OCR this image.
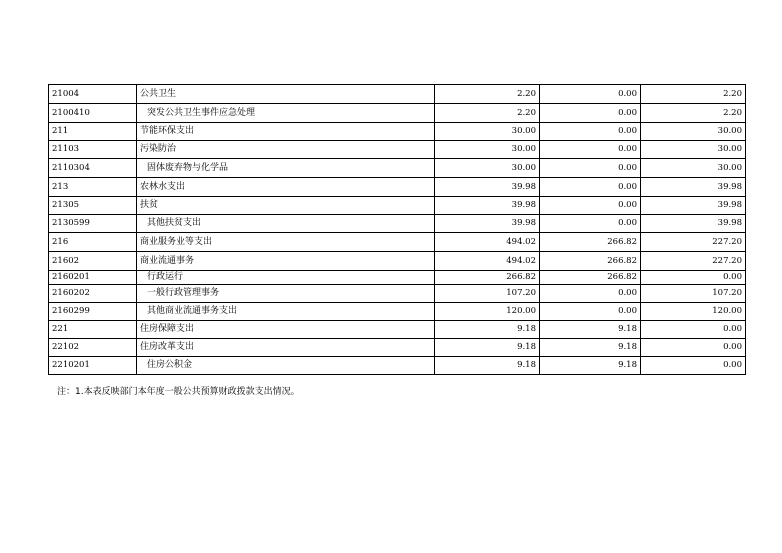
21004	公共卫生	2.20	0.00	2.20
2100410	突发公共卫生事件应急处理	2.20	0.00	2.20
211	节能环保支出	30.00	0.00	30.00
21103	污染防治	30.00	0.00	30.00
2110304	固体废弃物与化学品	30.00	0.00	30.00
213	农林水支出	39.98	0.00	39.98
21305	扶贫	39.98	0.00	39.98
2130599	其他扶贫支出	39.98	0.00	39.98
216	商业服务业等支出	494.02	266.82	227.20
21602	商业流通事务	494.02	266.82	227.20
2160201	行政运行	266.82	266.82	0.00
2160202	一般行政管理事务	107.20	0.00	107.20
2160299	其他商业流通事务支出	120.00	0.00	120.00
221	住房保障支出	9.18	9.18	0.00
22102	住房改革支出	9.18	9.18	0.00
2210201	住房公积金	9.18	9.18	0.00
注：1.本表反映部门本年度一般公共预算财政拨款支出情况。
